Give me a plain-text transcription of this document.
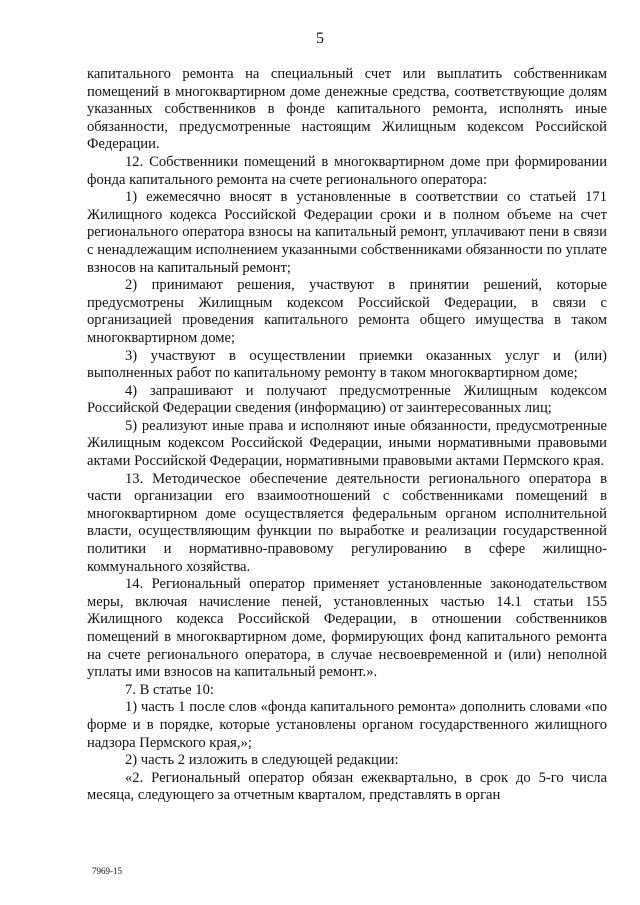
5

капитального ремонта на специальный счет или выплатить собственникам помещений в многоквартирном доме денежные средства, соответствующие долям указанных собственников в фонде капитального ремонта, исполнять иные обязанности, предусмотренные настоящим Жилищным кодексом Российской Федерации.

12. Собственники помещений в многоквартирном доме при формировании фонда капитального ремонта на счете регионального оператора:

1) ежемесячно вносят в установленные в соответствии со статьей 171 Жилищного кодекса Российской Федерации сроки и в полном объеме на счет регионального оператора взносы на капитальный ремонт, уплачивают пени в связи с ненадлежащим исполнением указанными собственниками обязанности по уплате взносов на капитальный ремонт;

2) принимают решения, участвуют в принятии решений, которые предусмотрены Жилищным кодексом Российской Федерации, в связи с организацией проведения капитального ремонта общего имущества в таком многоквартирном доме;

3) участвуют в осуществлении приемки оказанных услуг и (или) выполненных работ по капитальному ремонту в таком многоквартирном доме;

4) запрашивают и получают предусмотренные Жилищным кодексом Российской Федерации сведения (информацию) от заинтересованных лиц;

5) реализуют иные права и исполняют иные обязанности, предусмотренные Жилищным кодексом Российской Федерации, иными нормативными правовыми актами Российской Федерации, нормативными правовыми актами Пермского края.

13. Методическое обеспечение деятельности регионального оператора в части организации его взаимоотношений с собственниками помещений в многоквартирном доме осуществляется федеральным органом исполнительной власти, осуществляющим функции по выработке и реализации государственной политики и нормативно-правовому регулированию в сфере жилищно-коммунального хозяйства.

14. Региональный оператор применяет установленные законодательством меры, включая начисление пеней, установленных частью 14.1 статьи 155 Жилищного кодекса Российской Федерации, в отношении собственников помещений в многоквартирном доме, формирующих фонд капитального ремонта на счете регионального оператора, в случае несвоевременной и (или) неполной уплаты ими взносов на капитальный ремонт.».

7. В статье 10:

1) часть 1 после слов «фонда капитального ремонта» дополнить словами «по форме и в порядке, которые установлены органом государственного жилищного надзора Пермского края,»;

2) часть 2 изложить в следующей редакции:

«2. Региональный оператор обязан ежеквартально, в срок до 5-го числа месяца, следующего за отчетным кварталом, представлять в орган

7969-15
